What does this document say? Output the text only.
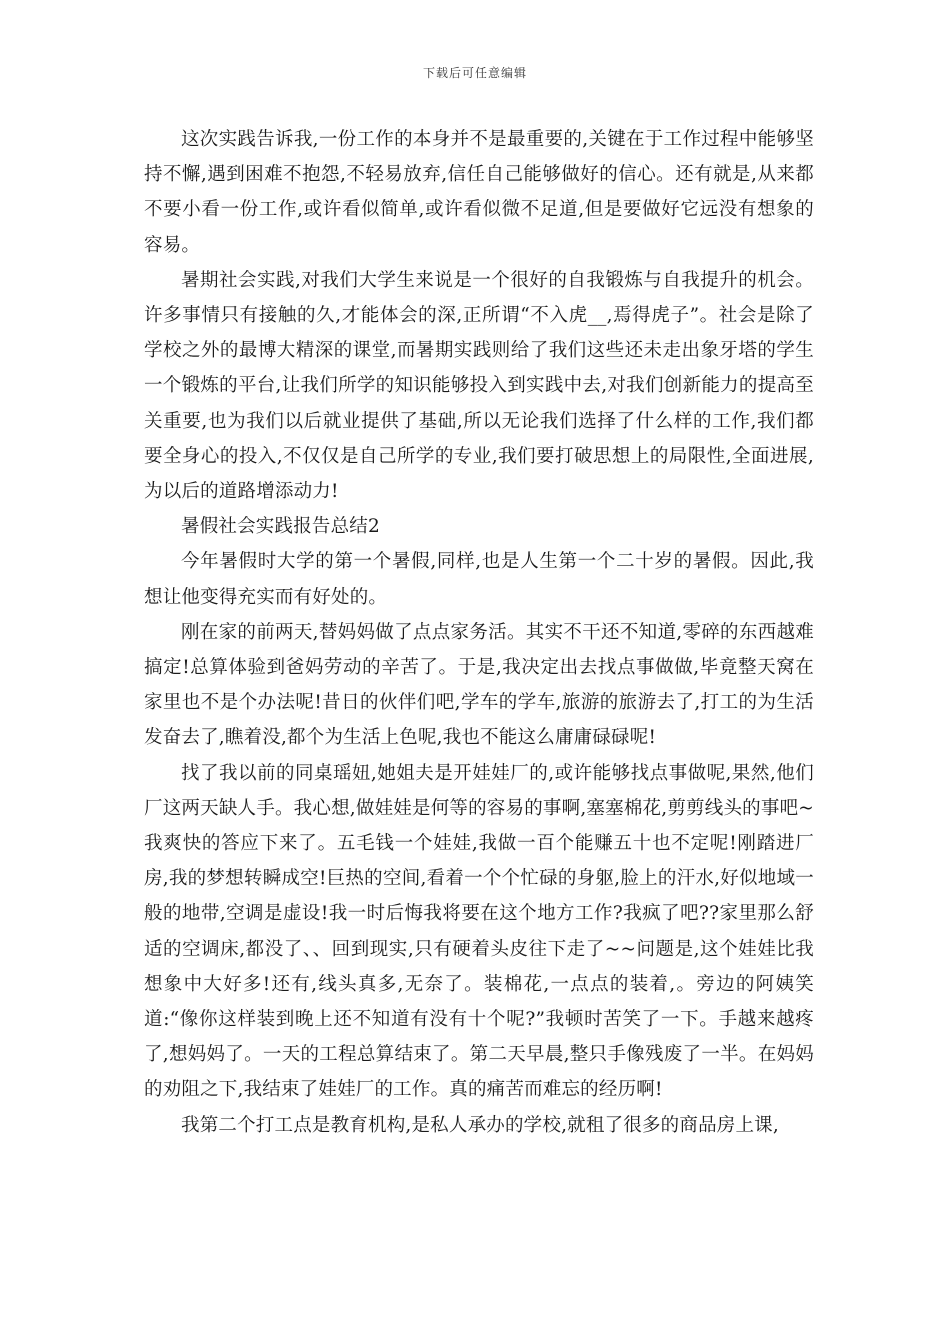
下载后可任意编辑

这次实践告诉我,一份工作的本身并不是最重要的,关键在于工作过程中能够坚持不懈,遇到困难不抱怨,不轻易放弃,信任自己能够做好的信心。还有就是,从来都不要小看一份工作,或许看似简单,或许看似微不足道,但是要做好它远没有想象的容易。

暑期社会实践,对我们大学生来说是一个很好的自我锻炼与自我提升的机会。许多事情只有接触的久,才能体会的深,正所谓“不入虎__,焉得虎子”。社会是除了学校之外的最博大精深的课堂,而暑期实践则给了我们这些还未走出象牙塔的学生一个锻炼的平台,让我们所学的知识能够投入到实践中去,对我们创新能力的提高至关重要,也为我们以后就业提供了基础,所以无论我们选择了什么样的工作,我们都要全身心的投入,不仅仅是自己所学的专业,我们要打破思想上的局限性,全面进展,为以后的道路增添动力!

暑假社会实践报告总结2

今年暑假时大学的第一个暑假,同样,也是人生第一个二十岁的暑假。因此,我想让他变得充实而有好处的。

刚在家的前两天,替妈妈做了点点家务活。其实不干还不知道,零碎的东西越难搞定!总算体验到爸妈劳动的辛苦了。于是,我决定出去找点事做做,毕竟整天窝在家里也不是个办法呢!昔日的伙伴们吧,学车的学车,旅游的旅游去了,打工的为生活发奋去了,瞧着没,都个为生活上色呢,我也不能这么庸庸碌碌呢!

找了我以前的同桌瑶妞,她姐夫是开娃娃厂的,或许能够找点事做呢,果然,他们厂这两天缺人手。我心想,做娃娃是何等的容易的事啊,塞塞棉花,剪剪线头的事吧~我爽快的答应下来了。五毛钱一个娃娃,我做一百个能赚五十也不定呢!刚踏进厂房,我的梦想转瞬成空!巨热的空间,看着一个个忙碌的身躯,脸上的汗水,好似地域一般的地带,空调是虚设!我一时后悔我将要在这个地方工作?我疯了吧??家里那么舒适的空调床,都没了、、回到现实,只有硬着头皮往下走了~~问题是,这个娃娃比我想象中大好多!还有,线头真多,无奈了。装棉花,一点点的装着,。旁边的阿姨笑道:“像你这样装到晚上还不知道有没有十个呢?”我顿时苦笑了一下。手越来越疼了,想妈妈了。一天的工程总算结束了。第二天早晨,整只手像残废了一半。在妈妈的劝阻之下,我结束了娃娃厂的工作。真的痛苦而难忘的经历啊!

我第二个打工点是教育机构,是私人承办的学校,就租了很多的商品房上课,
